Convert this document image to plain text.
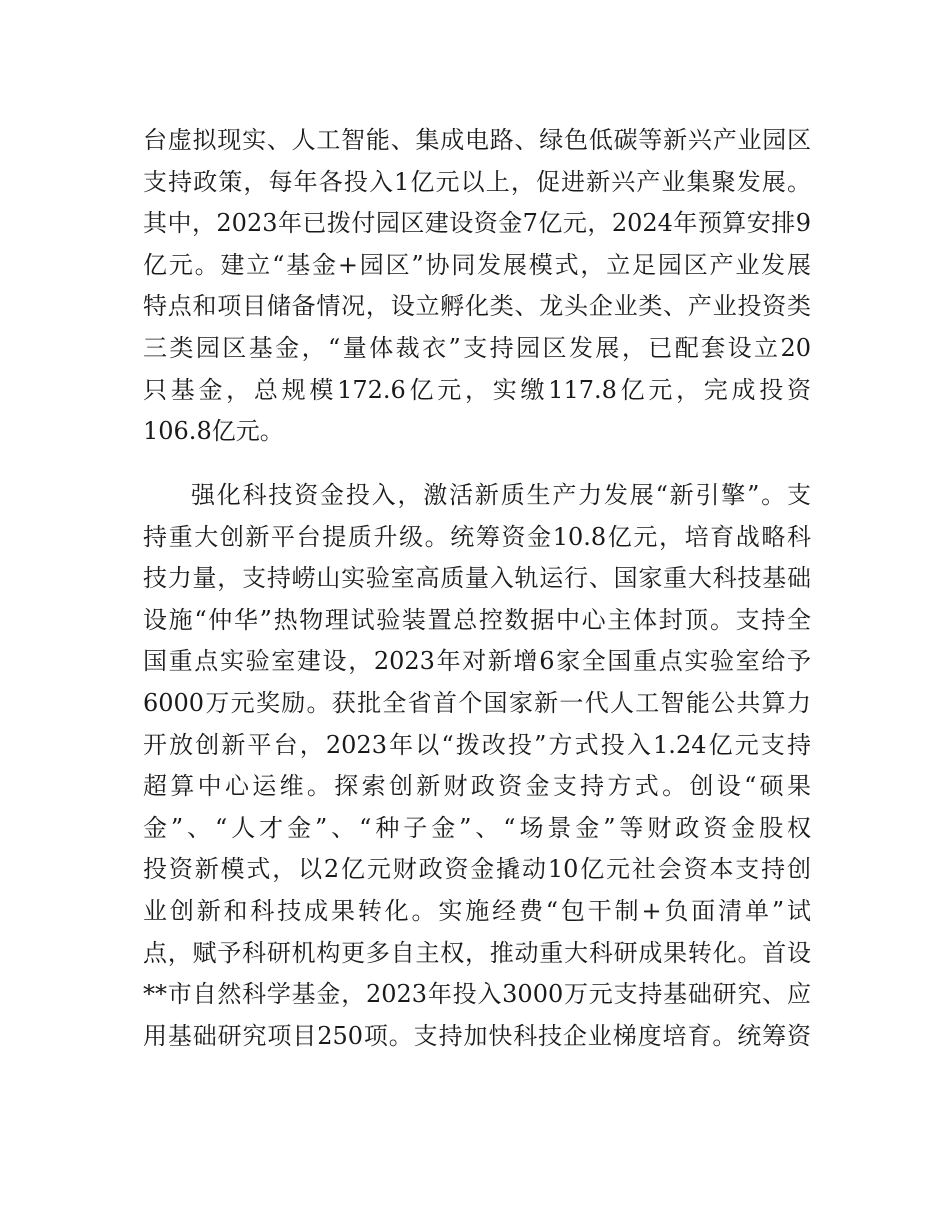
台虚拟现实、人工智能、集成电路、绿色低碳等新兴产业园区
支持政策，每年各投入1亿元以上，促进新兴产业集聚发展。
其中，2023年已拨付园区建设资金7亿元，2024年预算安排9
亿元。建立“基金+园区”协同发展模式，立足园区产业发展
特点和项目储备情况，设立孵化类、龙头企业类、产业投资类
三类园区基金，“量体裁衣”支持园区发展，已配套设立20
只基金，总规模172.6亿元，实缴117.8亿元，完成投资
106.8亿元。
强化科技资金投入，激活新质生产力发展“新引擎”。支
持重大创新平台提质升级。统筹资金10.8亿元，培育战略科
技力量，支持崂山实验室高质量入轨运行、国家重大科技基础
设施“仲华”热物理试验装置总控数据中心主体封顶。支持全
国重点实验室建设，2023年对新增6家全国重点实验室给予
6000万元奖励。获批全省首个国家新一代人工智能公共算力
开放创新平台，2023年以“拨改投”方式投入1.24亿元支持
超算中心运维。探索创新财政资金支持方式。创设“硕果
金”、“人才金”、“种子金”、“场景金”等财政资金股权
投资新模式，以2亿元财政资金撬动10亿元社会资本支持创
业创新和科技成果转化。实施经费“包干制+负面清单”试
点，赋予科研机构更多自主权，推动重大科研成果转化。首设
**市自然科学基金，2023年投入3000万元支持基础研究、应
用基础研究项目250项。支持加快科技企业梯度培育。统筹资
